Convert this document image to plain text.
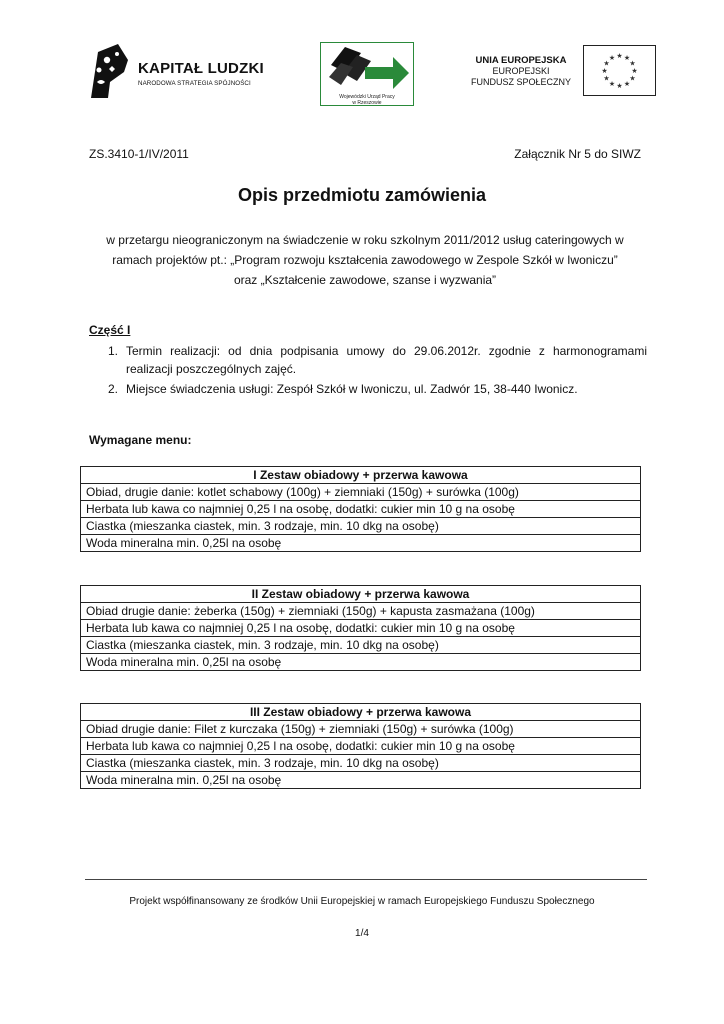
KAPITAŁ LUDZKI
NARODOWA STRATEGIA SPÓJNOŚCI
Wojewódzki Urząd Pracy
w Rzeszowie
UNIA EUROPEJSKA
EUROPEJSKI
FUNDUSZ SPOŁECZNY
★ ★
★
★
★
★
★
★
★
★
★
★
ZS.3410-1/IV/2011	Załącznik Nr 5 do SIWZ
Opis przedmiotu zamówienia
w przetargu nieograniczonym na świadczenie w roku szkolnym 2011/2012 usług cateringowych w
ramach projektów pt.: „Program rozwoju kształcenia zawodowego w Zespole Szkół w Iwoniczu”
oraz „Kształcenie zawodowe, szanse i wyzwania”
Część I
1. Termin realizacji: od dnia podpisania umowy do 29.06.2012r. zgodnie z harmonogramami realizacji poszczególnych zajęć.
2. Miejsce świadczenia usługi: Zespół Szkół w Iwoniczu, ul. Zadwór 15, 38-440 Iwonicz.
Wymagane menu:
I Zestaw obiadowy + przerwa kawowa
Obiad, drugie danie: kotlet schabowy (100g) + ziemniaki (150g) + surówka (100g)
Herbata lub kawa co najmniej 0,25 l na osobę, dodatki: cukier min 10 g na osobę
Ciastka (mieszanka ciastek, min. 3 rodzaje, min. 10 dkg na osobę)
Woda mineralna min. 0,25l na osobę
II Zestaw obiadowy + przerwa kawowa
Obiad drugie danie: żeberka (150g) + ziemniaki (150g) + kapusta zasmażana (100g)
Herbata lub kawa co najmniej 0,25 l na osobę, dodatki: cukier min 10 g na osobę
Ciastka (mieszanka ciastek, min. 3 rodzaje, min. 10 dkg na osobę)
Woda mineralna min. 0,25l na osobę
III Zestaw obiadowy + przerwa kawowa
Obiad drugie danie: Filet z kurczaka (150g) + ziemniaki (150g) + surówka (100g)
Herbata lub kawa co najmniej 0,25 l na osobę, dodatki: cukier min 10 g na osobę
Ciastka (mieszanka ciastek, min. 3 rodzaje, min. 10 dkg na osobę)
Woda mineralna min. 0,25l na osobę
Projekt współfinansowany ze środków Unii Europejskiej w ramach Europejskiego Funduszu Społecznego
1/4
